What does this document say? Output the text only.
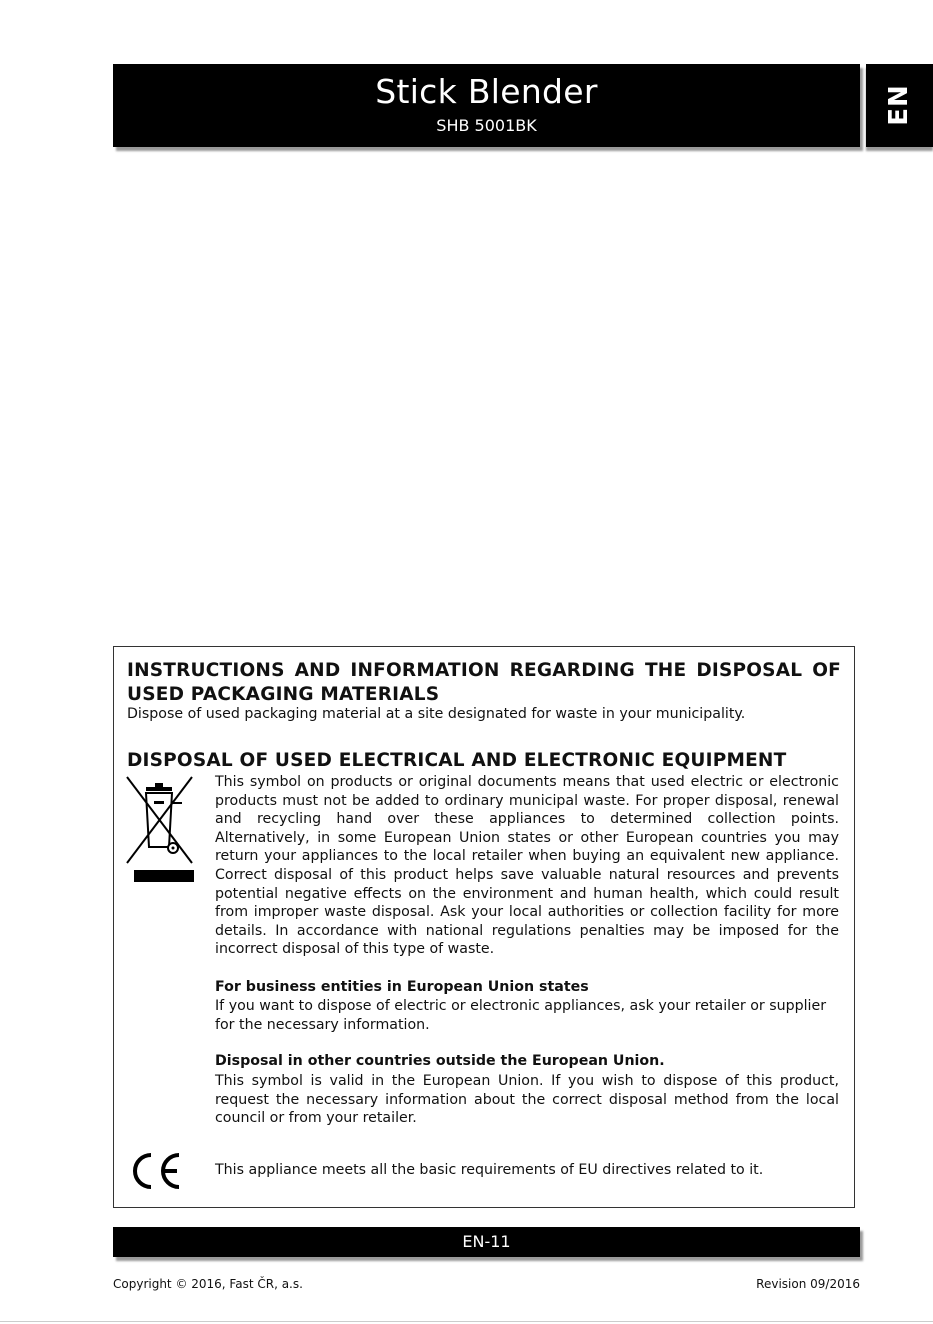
Stick Blender
SHB 5001BK	EN
INSTRUCTIONS AND INFORMATION REGARDING THE DISPOSAL OF USED PACKAGING MATERIALS
Dispose of used packaging material at a site designated for waste in your municipality.
DISPOSAL OF USED ELECTRICAL AND ELECTRONIC EQUIPMENT
This symbol on products or original documents means that used electric or electronic products must not be added to ordinary municipal waste. For proper disposal, renewal and recycling hand over these appliances to determined collection points. Alternatively, in some European Union states or other European countries you may return your appliances to the local retailer when buying an equivalent new appliance. Correct disposal of this product helps save valuable natural resources and prevents potential negative effects on the environment and human health, which could result from improper waste disposal. Ask your local authorities or collection facility for more details. In accordance with national regulations penalties may be imposed for the incorrect disposal of this type of waste.
For business entities in European Union states
If you want to dispose of electric or electronic appliances, ask your retailer or supplier for the necessary information.
Disposal in other countries outside the European Union.
This symbol is valid in the European Union. If you wish to dispose of this product, request the necessary information about the correct disposal method from the local council or from your retailer.
This appliance meets all the basic requirements of EU directives related to it.
EN-11
Copyright © 2016, Fast ČR, a.s.	Revision 09/2016
